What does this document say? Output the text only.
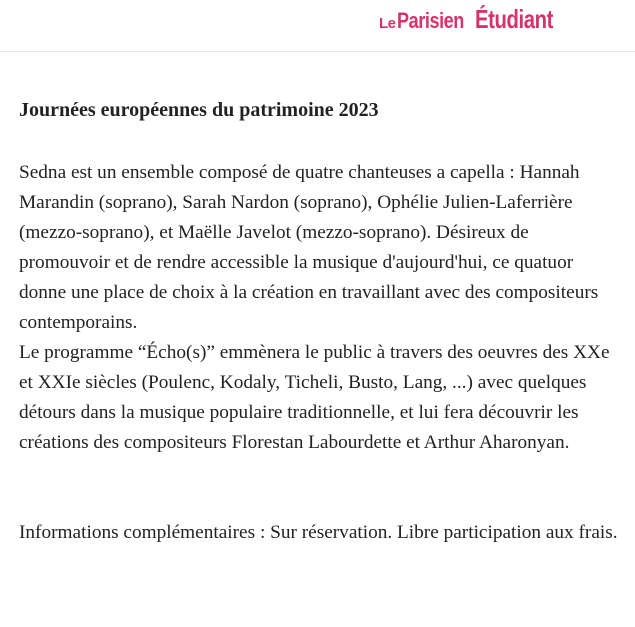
Le Parisien Étudiant
Journées européennes du patrimoine 2023

Sedna est un ensemble composé de quatre chanteuses a capella : Hannah Marandin (soprano), Sarah Nardon (soprano), Ophélie Julien-Laferrière (mezzo-soprano), et Maëlle Javelot (mezzo-soprano). Désireux de promouvoir et de rendre accessible la musique d'aujourd'hui, ce quatuor donne une place de choix à la création en travaillant avec des compositeurs contemporains.

Le programme “Écho(s)” emmènera le public à travers des oeuvres des XXe et XXIe siècles (Poulenc, Kodaly, Ticheli, Busto, Lang, ...) avec quelques détours dans la musique populaire traditionnelle, et lui fera découvrir les créations des compositeurs Florestan Labourdette et Arthur Aharonyan.

Informations complémentaires : Sur réservation. Libre participation aux frais.
